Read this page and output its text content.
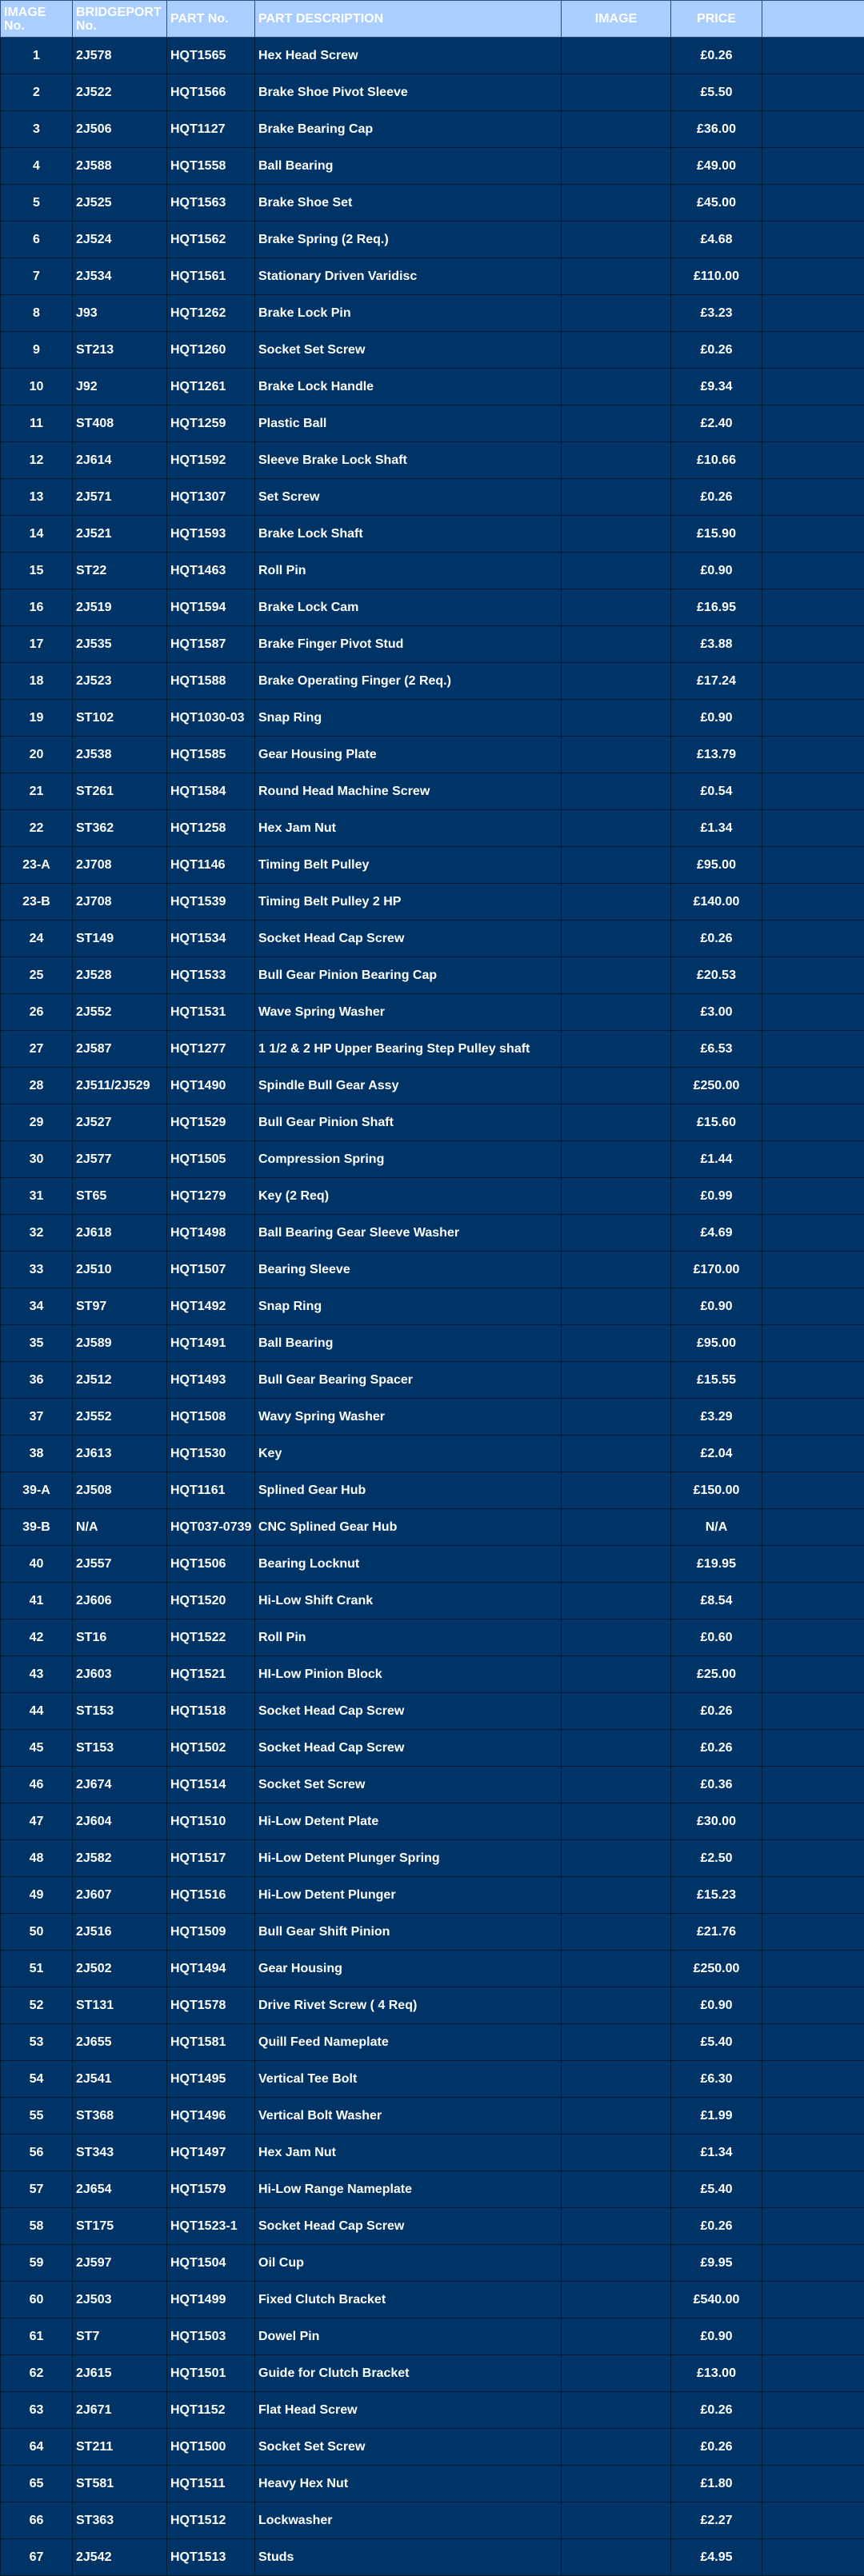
IMAGE No.	BRIDGEPORT No.	PART No.	PART DESCRIPTION	IMAGE	PRICE	
1	2J578	HQT1565	Hex Head Screw		£0.26	
2	2J522	HQT1566	Brake Shoe Pivot Sleeve		£5.50	
3	2J506	HQT1127	Brake Bearing Cap		£36.00	
4	2J588	HQT1558	Ball Bearing		£49.00	
5	2J525	HQT1563	Brake Shoe Set		£45.00	
6	2J524	HQT1562	Brake Spring (2 Req.)		£4.68	
7	2J534	HQT1561	Stationary Driven Varidisc		£110.00	
8	J93	HQT1262	Brake Lock Pin		£3.23	
9	ST213	HQT1260	Socket Set Screw		£0.26	
10	J92	HQT1261	Brake Lock Handle		£9.34	
11	ST408	HQT1259	Plastic Ball		£2.40	
12	2J614	HQT1592	Sleeve Brake Lock Shaft		£10.66	
13	2J571	HQT1307	Set Screw		£0.26	
14	2J521	HQT1593	Brake Lock Shaft		£15.90	
15	ST22	HQT1463	Roll Pin		£0.90	
16	2J519	HQT1594	Brake Lock Cam		£16.95	
17	2J535	HQT1587	Brake Finger Pivot Stud		£3.88	
18	2J523	HQT1588	Brake Operating Finger (2 Req.)		£17.24	
19	ST102	HQT1030-03	Snap Ring		£0.90	
20	2J538	HQT1585	Gear Housing Plate		£13.79	
21	ST261	HQT1584	Round Head Machine Screw		£0.54	
22	ST362	HQT1258	Hex Jam Nut		£1.34	
23-A	2J708	HQT1146	Timing Belt Pulley		£95.00	
23-B	2J708	HQT1539	Timing Belt Pulley 2 HP		£140.00	
24	ST149	HQT1534	Socket Head Cap Screw		£0.26	
25	2J528	HQT1533	Bull Gear Pinion Bearing Cap		£20.53	
26	2J552	HQT1531	Wave Spring Washer		£3.00	
27	2J587	HQT1277	1 1/2 & 2 HP Upper Bearing Step Pulley shaft		£6.53	
28	2J511/2J529	HQT1490	Spindle Bull Gear Assy		£250.00	
29	2J527	HQT1529	Bull Gear Pinion Shaft		£15.60	
30	2J577	HQT1505	Compression Spring		£1.44	
31	ST65	HQT1279	Key (2 Req)		£0.99	
32	2J618	HQT1498	Ball Bearing Gear Sleeve Washer		£4.69	
33	2J510	HQT1507	Bearing Sleeve		£170.00	
34	ST97	HQT1492	Snap Ring		£0.90	
35	2J589	HQT1491	Ball Bearing		£95.00	
36	2J512	HQT1493	Bull Gear Bearing Spacer		£15.55	
37	2J552	HQT1508	Wavy Spring Washer		£3.29	
38	2J613	HQT1530	Key		£2.04	
39-A	2J508	HQT1161	Splined Gear Hub		£150.00	
39-B	N/A	HQT037-0739	CNC Splined Gear Hub		N/A	
40	2J557	HQT1506	Bearing Locknut		£19.95	
41	2J606	HQT1520	Hi-Low Shift Crank		£8.54	
42	ST16	HQT1522	Roll Pin		£0.60	
43	2J603	HQT1521	HI-Low Pinion Block		£25.00	
44	ST153	HQT1518	Socket Head Cap Screw		£0.26	
45	ST153	HQT1502	Socket Head Cap Screw		£0.26	
46	2J674	HQT1514	Socket Set Screw		£0.36	
47	2J604	HQT1510	Hi-Low Detent Plate		£30.00	
48	2J582	HQT1517	Hi-Low Detent Plunger Spring		£2.50	
49	2J607	HQT1516	Hi-Low Detent Plunger		£15.23	
50	2J516	HQT1509	Bull Gear Shift Pinion		£21.76	
51	2J502	HQT1494	Gear Housing		£250.00	
52	ST131	HQT1578	Drive Rivet Screw ( 4 Req)		£0.90	
53	2J655	HQT1581	Quill Feed Nameplate		£5.40	
54	2J541	HQT1495	Vertical Tee Bolt		£6.30	
55	ST368	HQT1496	Vertical Bolt Washer		£1.99	
56	ST343	HQT1497	Hex Jam Nut		£1.34	
57	2J654	HQT1579	Hi-Low Range Nameplate		£5.40	
58	ST175	HQT1523-1	Socket Head Cap Screw		£0.26	
59	2J597	HQT1504	Oil Cup		£9.95	
60	2J503	HQT1499	Fixed Clutch Bracket		£540.00	
61	ST7	HQT1503	Dowel Pin		£0.90	
62	2J615	HQT1501	Guide for Clutch Bracket		£13.00	
63	2J671	HQT1152	Flat Head Screw		£0.26	
64	ST211	HQT1500	Socket Set Screw		£0.26	
65	ST581	HQT1511	Heavy Hex Nut		£1.80	
66	ST363	HQT1512	Lockwasher		£2.27	
67	2J542	HQT1513	Studs		£4.95	
